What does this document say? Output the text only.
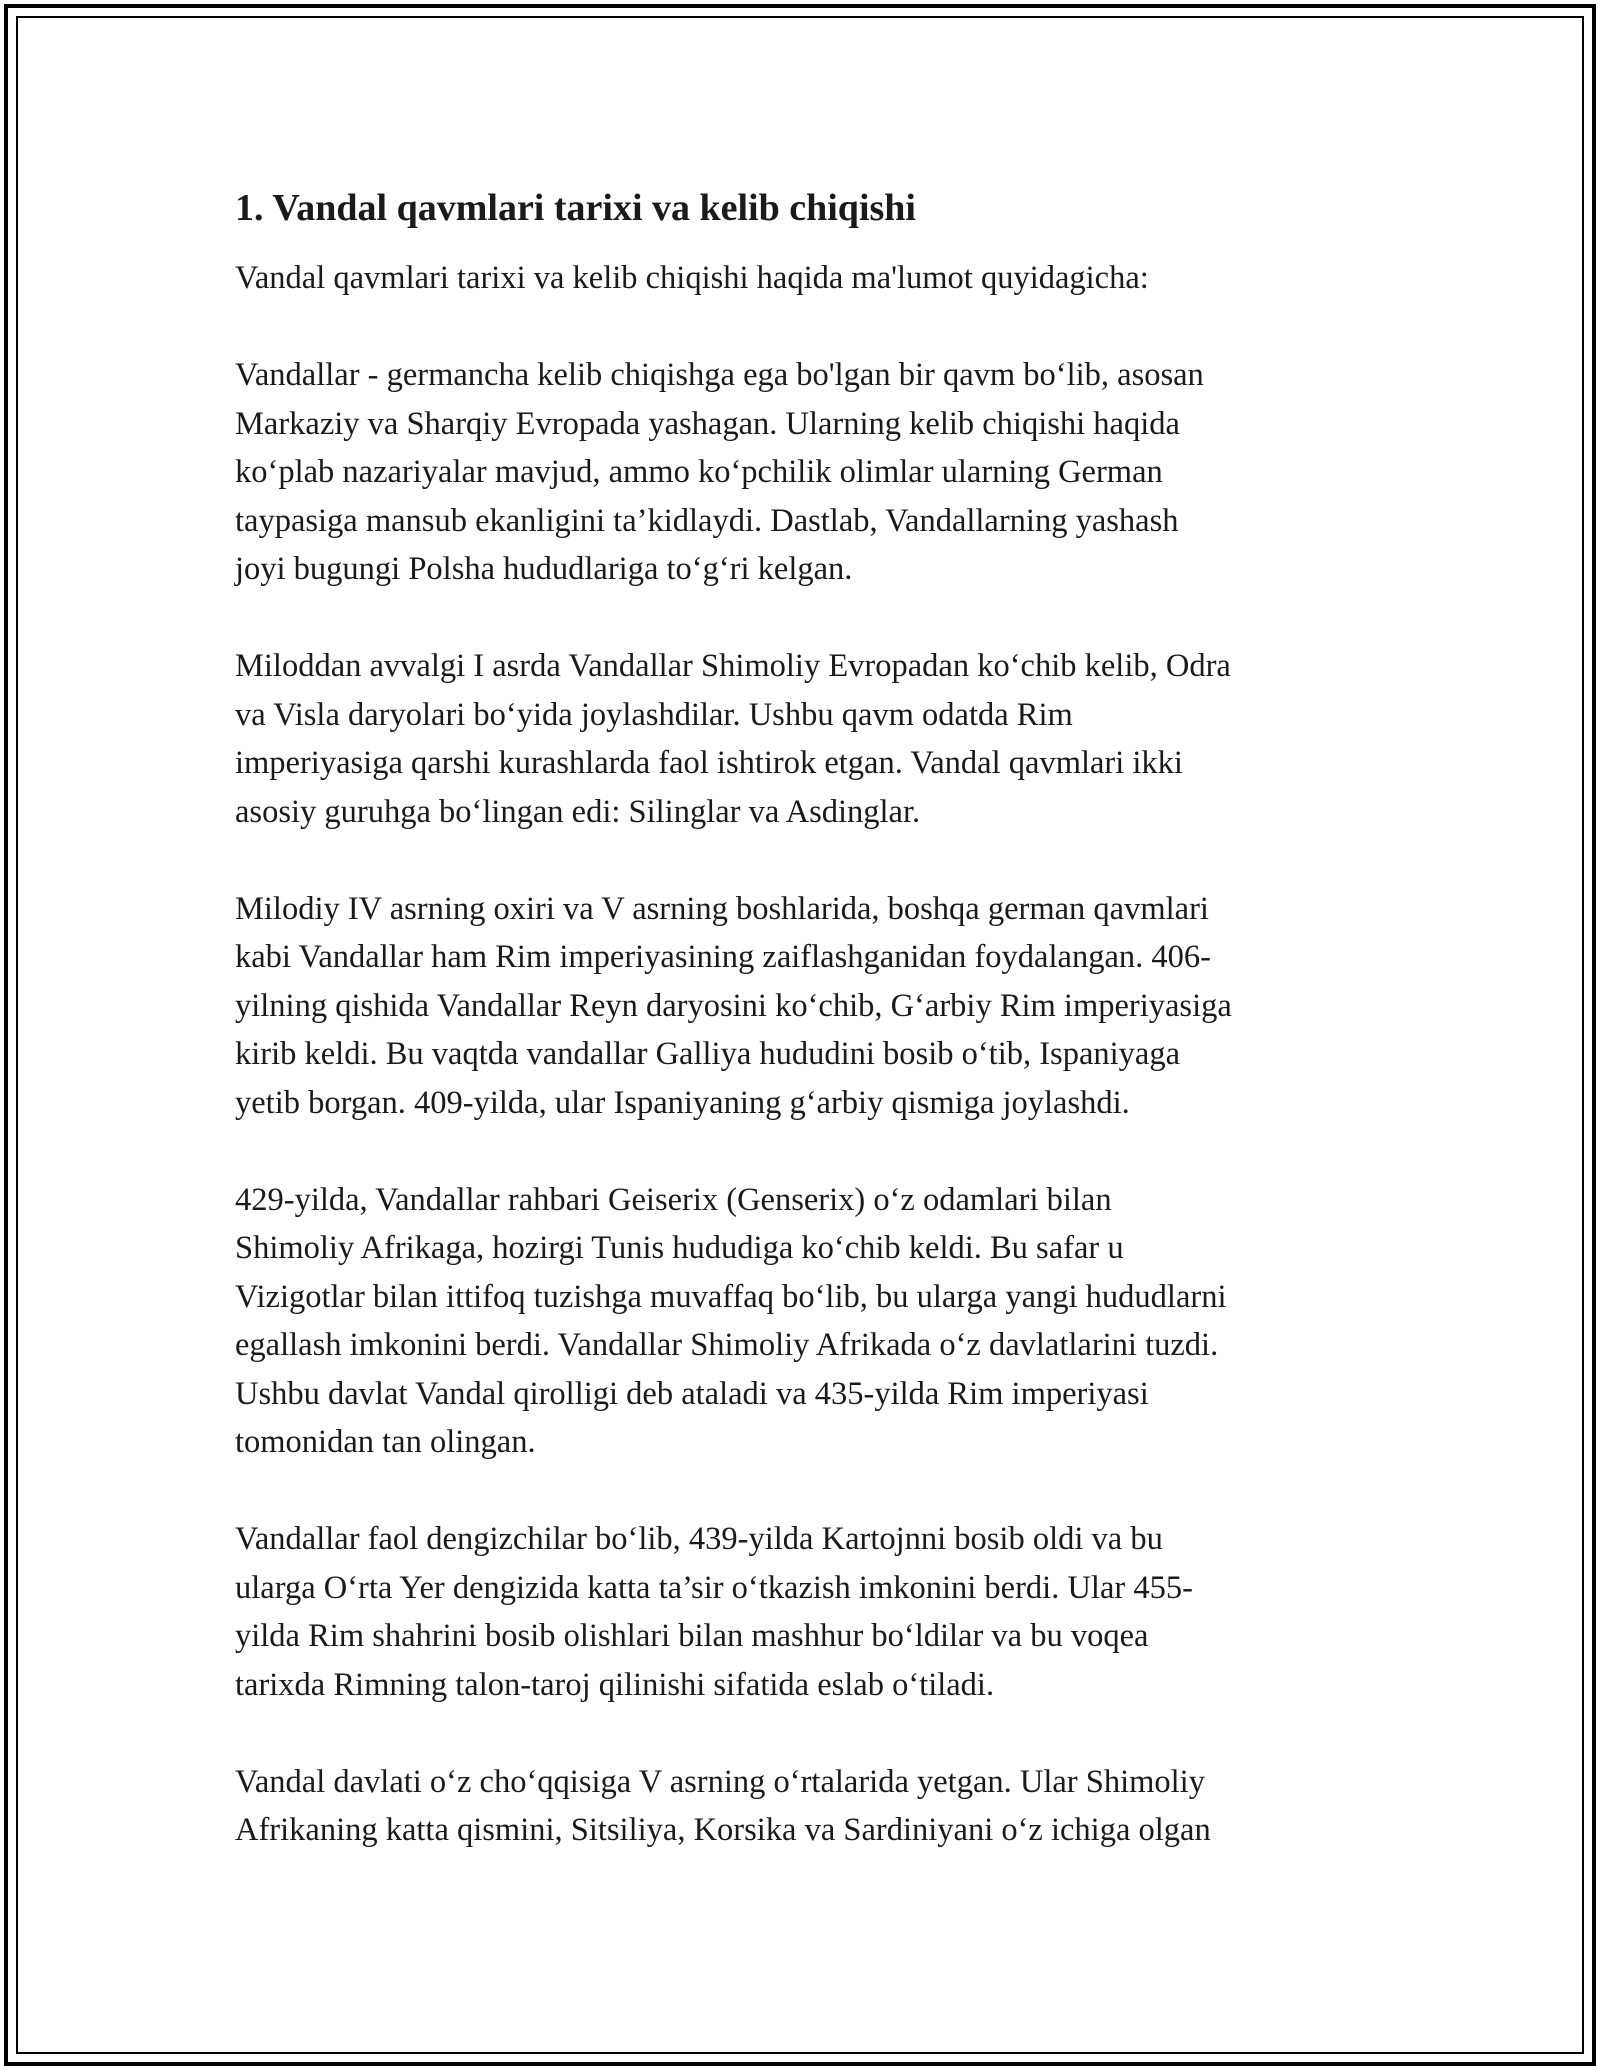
1. Vandal qavmlari tarixi va kelib chiqishi

Vandal qavmlari tarixi va kelib chiqishi haqida ma'lumot quyidagicha:

Vandallar - germancha kelib chiqishga ega bo'lgan bir qavm boʻlib, asosan
Markaziy va Sharqiy Evropada yashagan. Ularning kelib chiqishi haqida
koʻplab nazariyalar mavjud, ammo koʻpchilik olimlar ularning German
taypasiga mansub ekanligini ta’kidlaydi. Dastlab, Vandallarning yashash
joyi bugungi Polsha hududlariga toʻgʻri kelgan.

Miloddan avvalgi I asrda Vandallar Shimoliy Evropadan koʻchib kelib, Odra
va Visla daryolari boʻyida joylashdilar. Ushbu qavm odatda Rim
imperiyasiga qarshi kurashlarda faol ishtirok etgan. Vandal qavmlari ikki
asosiy guruhga boʻlingan edi: Silinglar va Asdinglar.

Milodiy IV asrning oxiri va V asrning boshlarida, boshqa german qavmlari
kabi Vandallar ham Rim imperiyasining zaiflashganidan foydalangan. 406-
yilning qishida Vandallar Reyn daryosini koʻchib, Gʻarbiy Rim imperiyasiga
kirib keldi. Bu vaqtda vandallar Galliya hududini bosib oʻtib, Ispaniyaga
yetib borgan. 409-yilda, ular Ispaniyaning gʻarbiy qismiga joylashdi.

429-yilda, Vandallar rahbari Geiserix (Genserix) oʻz odamlari bilan
Shimoliy Afrikaga, hozirgi Tunis hududiga koʻchib keldi. Bu safar u
Vizigotlar bilan ittifoq tuzishga muvaffaq boʻlib, bu ularga yangi hududlarni
egallash imkonini berdi. Vandallar Shimoliy Afrikada oʻz davlatlarini tuzdi.
Ushbu davlat Vandal qirolligi deb ataladi va 435-yilda Rim imperiyasi
tomonidan tan olingan.

Vandallar faol dengizchilar boʻlib, 439-yilda Kartojnni bosib oldi va bu
ularga Oʻrta Yer dengizida katta ta’sir oʻtkazish imkonini berdi. Ular 455-
yilda Rim shahrini bosib olishlari bilan mashhur boʻldilar va bu voqea
tarixda Rimning talon-taroj qilinishi sifatida eslab oʻtiladi.

Vandal davlati oʻz choʻqqisiga V asrning oʻrtalarida yetgan. Ular Shimoliy
Afrikaning katta qismini, Sitsiliya, Korsika va Sardiniyani oʻz ichiga olgan
